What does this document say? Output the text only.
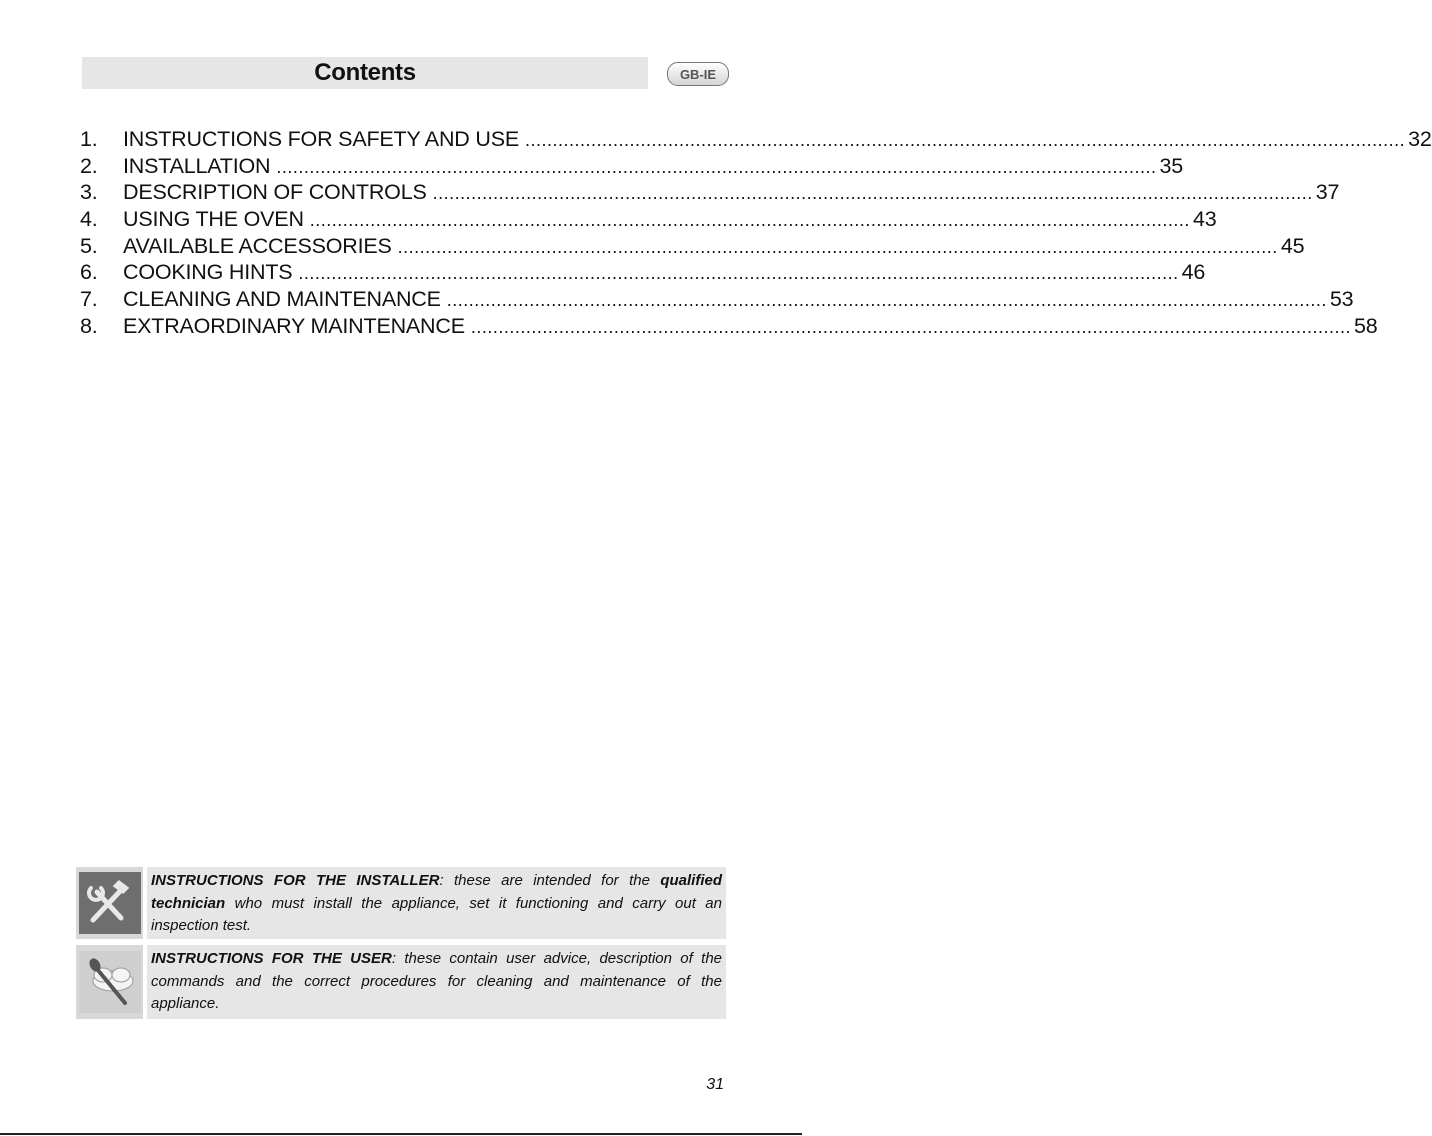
Contents	GB-IE
1.	INSTRUCTIONS FOR SAFETY AND USE ................................................................................................................................................................ 32
2.	INSTALLATION ................................................................................................................................................................ 35
3.	DESCRIPTION OF CONTROLS ................................................................................................................................................................ 37
4.	USING THE OVEN ................................................................................................................................................................ 43
5.	AVAILABLE ACCESSORIES ................................................................................................................................................................ 45
6.	COOKING HINTS ................................................................................................................................................................ 46
7.	CLEANING AND MAINTENANCE ................................................................................................................................................................ 53
8.	EXTRAORDINARY MAINTENANCE ................................................................................................................................................................ 58
INSTRUCTIONS FOR THE INSTALLER: these are intended for the qualified technician who must install the appliance, set it functioning and carry out an inspection test.
INSTRUCTIONS FOR THE USER: these contain user advice, description of the commands and the correct procedures for cleaning and maintenance of the appliance.
31
